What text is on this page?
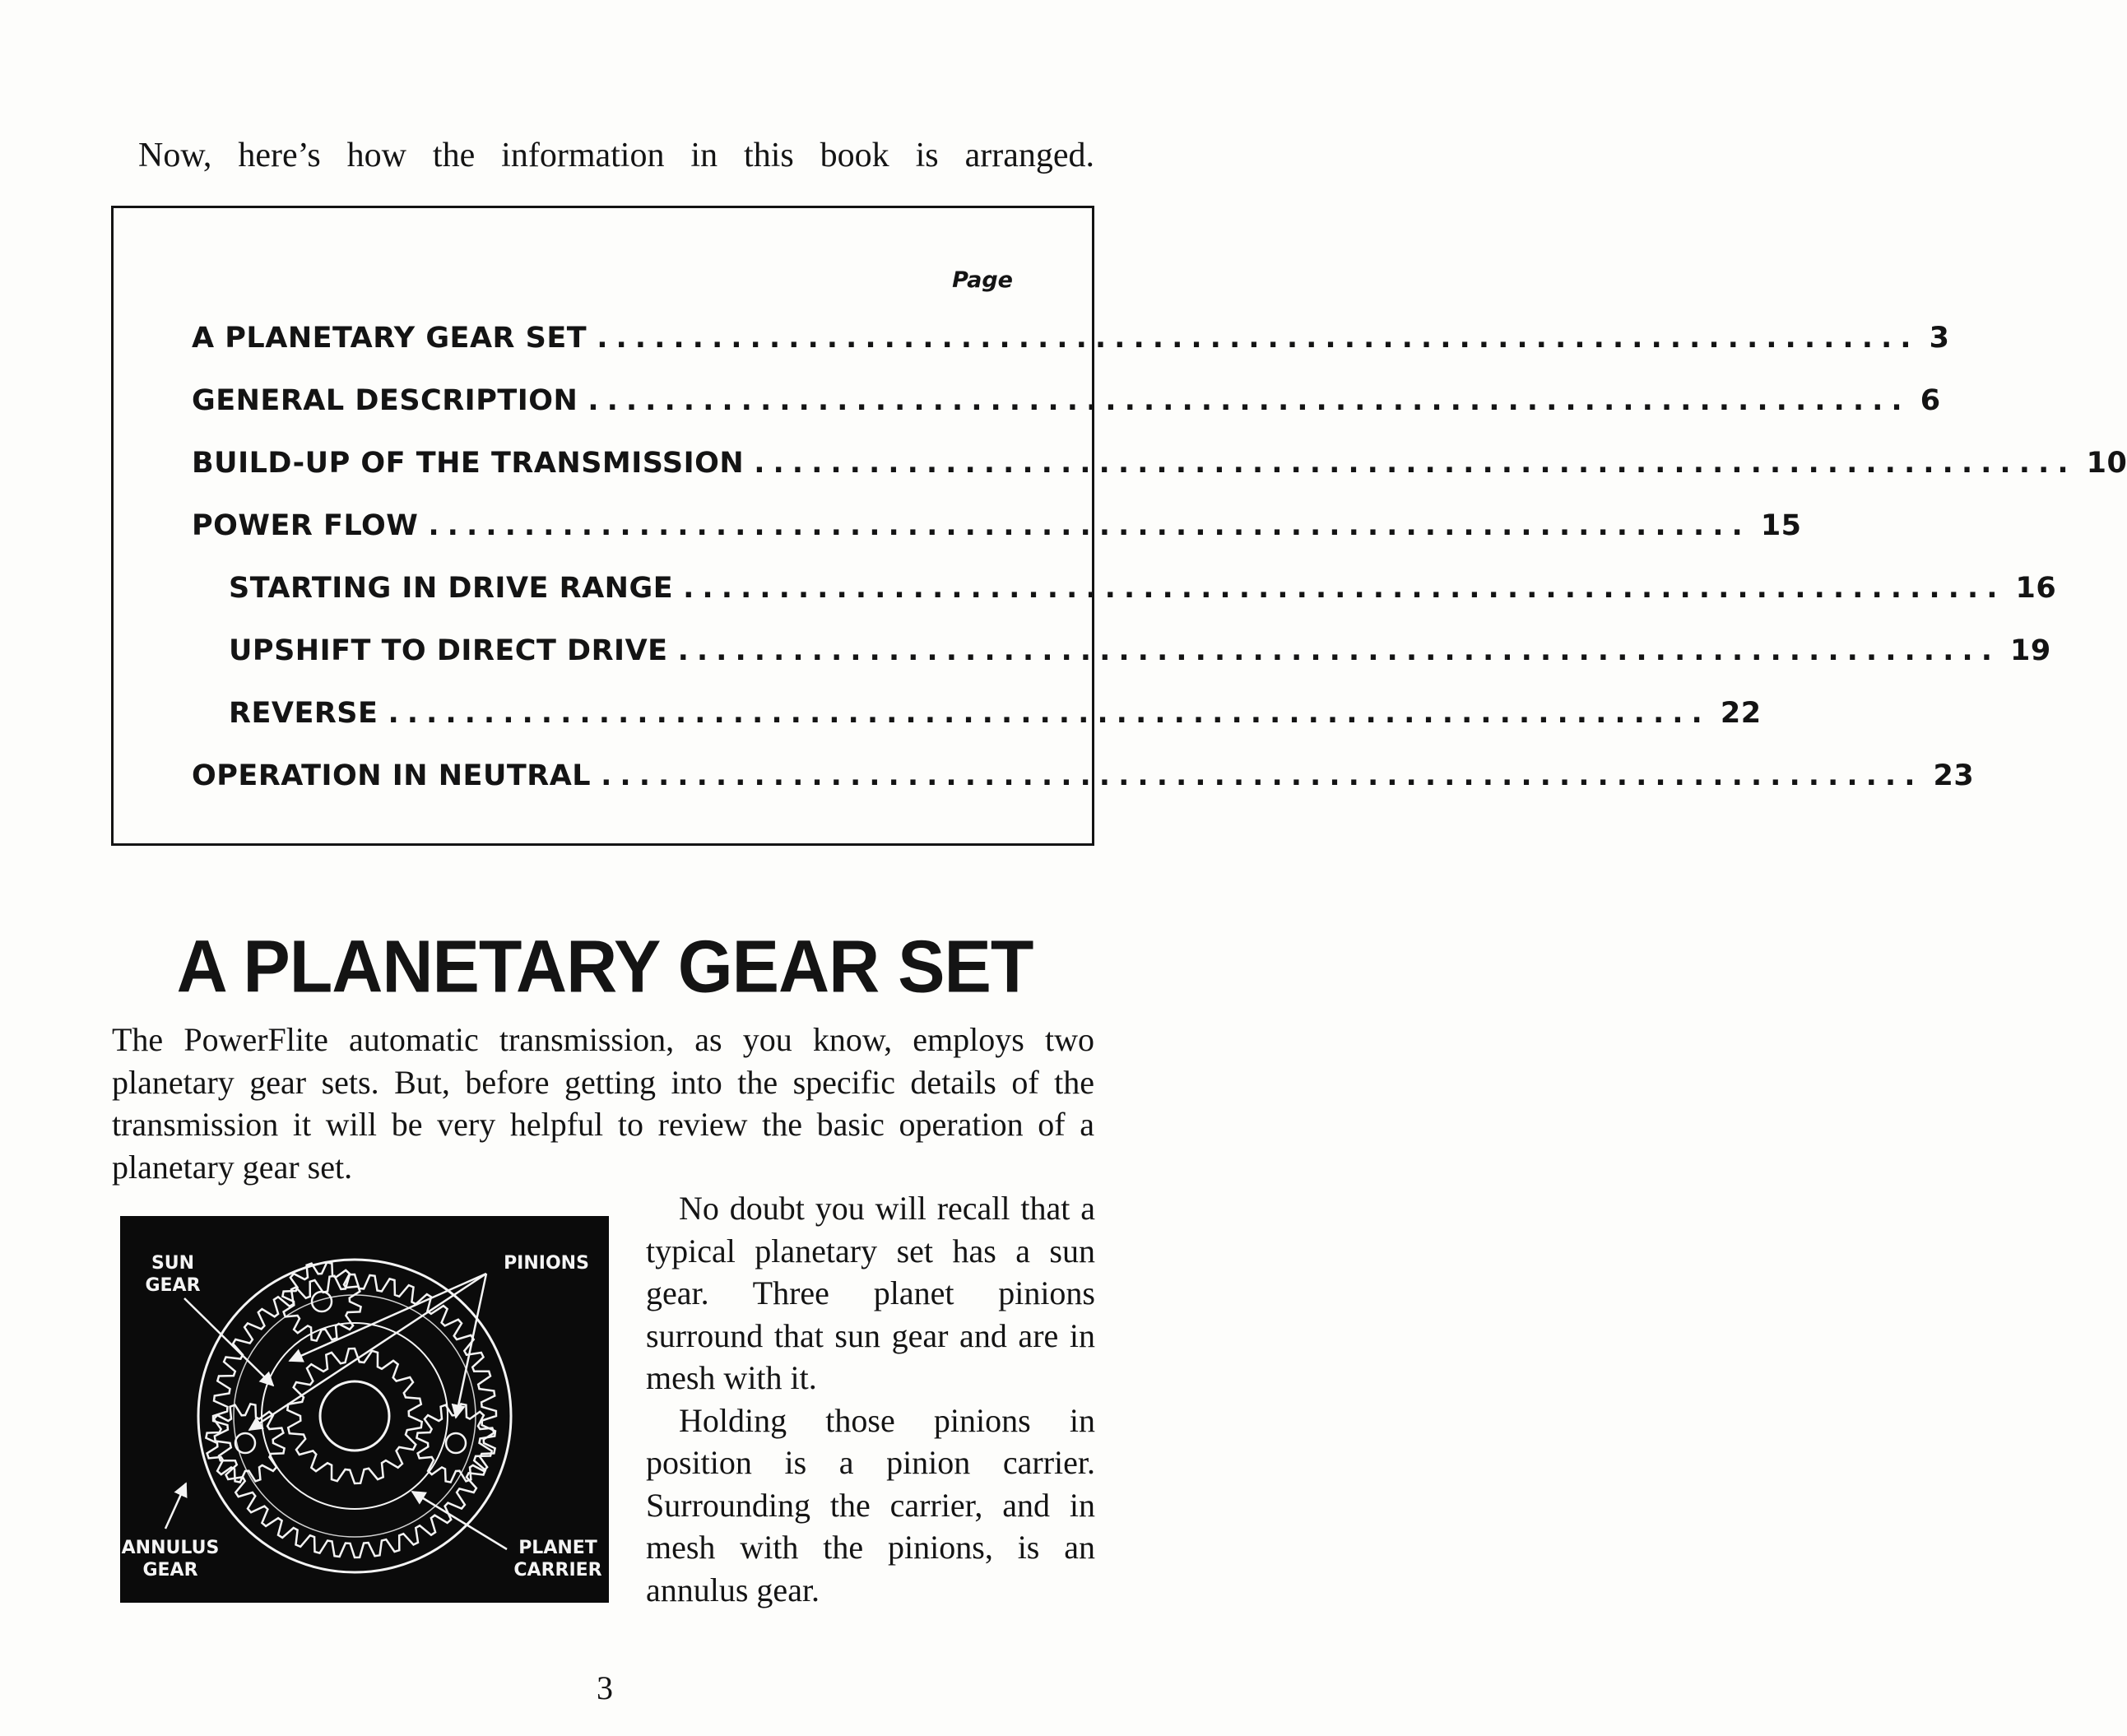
Now, here’s how the information in this book is arranged.
Page
A PLANETARY GEAR SET ..................................................................... 3
GENERAL DESCRIPTION ..................................................................... 6
BUILD-UP OF THE TRANSMISSION ..................................................................... 10
POWER FLOW ..................................................................... 15
STARTING IN DRIVE RANGE ..................................................................... 16
UPSHIFT TO DIRECT DRIVE ..................................................................... 19
REVERSE ..................................................................... 22
OPERATION IN NEUTRAL ..................................................................... 23
A PLANETARY GEAR SET

The PowerFlite automatic transmission, as you know, employs two planetary gear sets. But, before getting into the specific details of the transmission it will be very helpful to review the basic operation of a planetary gear set.

No doubt you will recall that a typical planetary set has a sun gear. Three planet pinions surround that sun gear and are in mesh with it.

Holding those pinions in position is a pinion carrier. Surrounding the carrier, and in mesh with the pinions, is an annulus gear.

SUN
GEAR
PINIONS
ANNULUS
GEAR
PLANET
CARRIER
3
